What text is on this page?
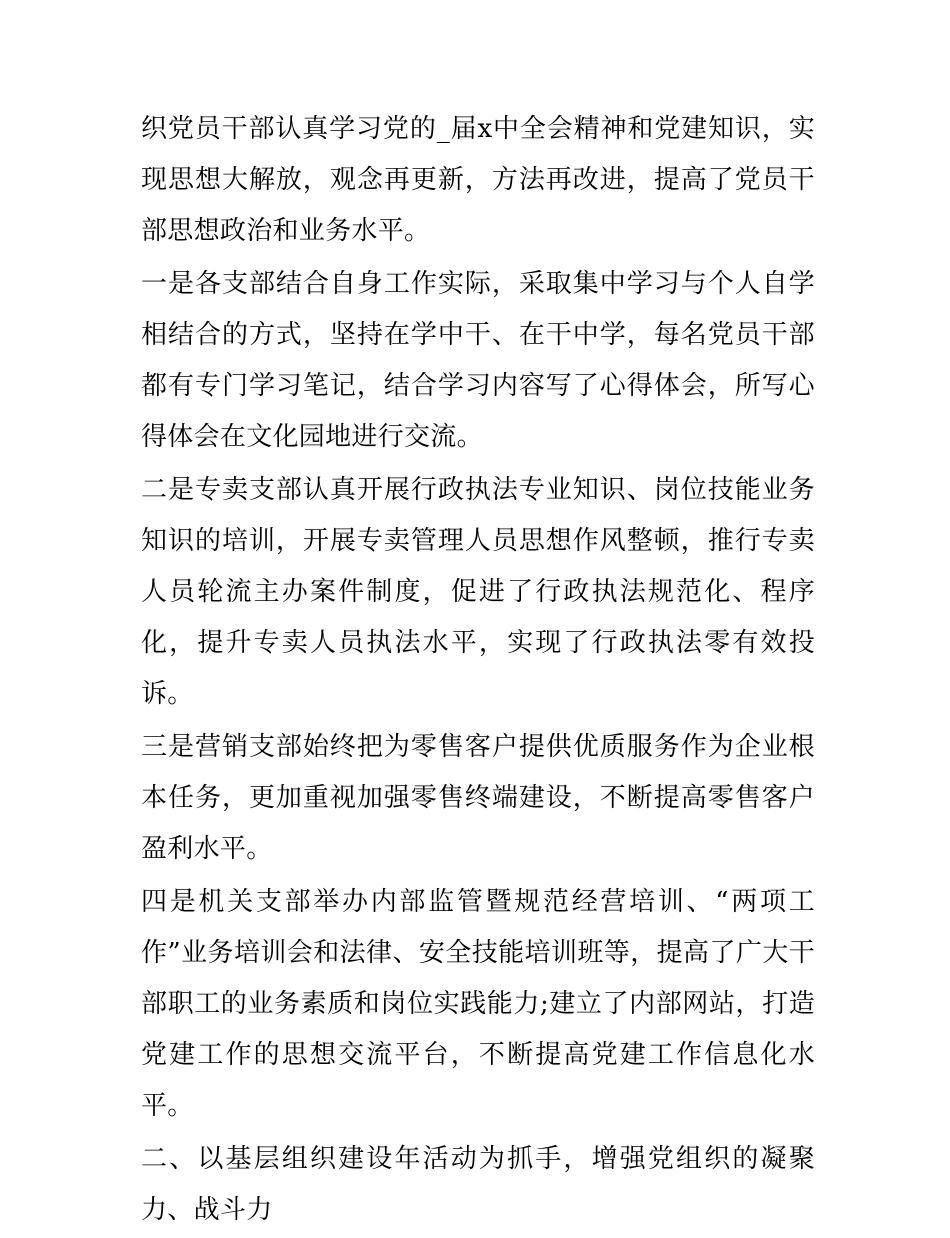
织党员干部认真学习党的_届x中全会精神和党建知识，实现思想大解放，观念再更新，方法再改进，提高了党员干部思想政治和业务水平。

一是各支部结合自身工作实际，采取集中学习与个人自学相结合的方式，坚持在学中干、在干中学，每名党员干部都有专门学习笔记，结合学习内容写了心得体会，所写心得体会在文化园地进行交流。

二是专卖支部认真开展行政执法专业知识、岗位技能业务知识的培训，开展专卖管理人员思想作风整顿，推行专卖人员轮流主办案件制度，促进了行政执法规范化、程序化，提升专卖人员执法水平，实现了行政执法零有效投诉。

三是营销支部始终把为零售客户提供优质服务作为企业根本任务，更加重视加强零售终端建设，不断提高零售客户盈利水平。

四是机关支部举办内部监管暨规范经营培训、“两项工作”业务培训会和法律、安全技能培训班等，提高了广大干部职工的业务素质和岗位实践能力;建立了内部网站，打造党建工作的思想交流平台，不断提高党建工作信息化水平。

二、以基层组织建设年活动为抓手，增强党组织的凝聚力、战斗力
